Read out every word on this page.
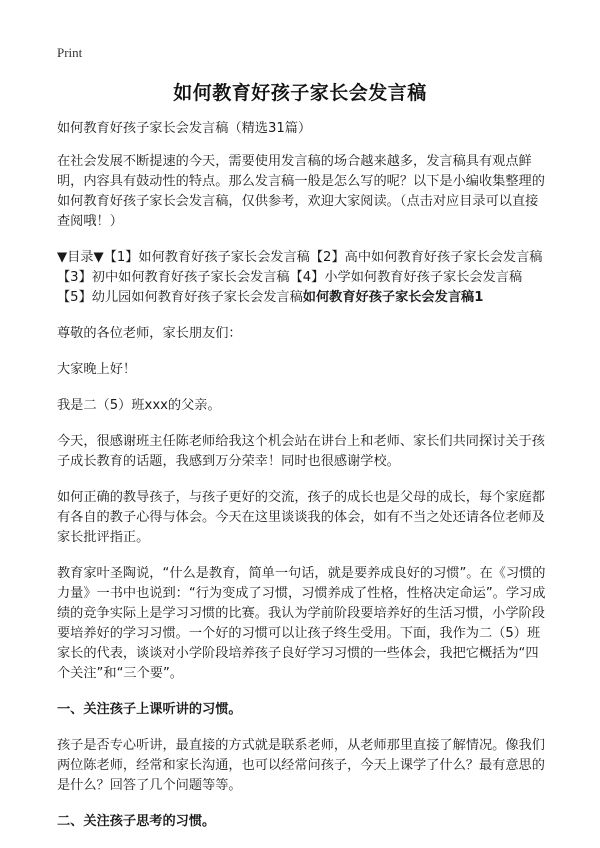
Print
如何教育好孩子家长会发言稿

如何教育好孩子家长会发言稿（精选31篇）

在社会发展不断提速的今天，需要使用发言稿的场合越来越多，发言稿具有观点鲜明，内容具有鼓动性的特点。那么发言稿一般是怎么写的呢？以下是小编收集整理的如何教育好孩子家长会发言稿，仅供参考，欢迎大家阅读。（点击对应目录可以直接查阅哦！）

▼目录▼【1】如何教育好孩子家长会发言稿【2】高中如何教育好孩子家长会发言稿【3】初中如何教育好孩子家长会发言稿【4】小学如何教育好孩子家长会发言稿【5】幼儿园如何教育好孩子家长会发言稿如何教育好孩子家长会发言稿1

尊敬的各位老师，家长朋友们：

大家晚上好！

我是二（5）班xxx的父亲。

今天，很感谢班主任陈老师给我这个机会站在讲台上和老师、家长们共同探讨关于孩子成长教育的话题，我感到万分荣幸！同时也很感谢学校。

如何正确的教导孩子，与孩子更好的交流，孩子的成长也是父母的成长，每个家庭都有各自的教子心得与体会。今天在这里谈谈我的体会，如有不当之处还请各位老师及家长批评指正。

教育家叶圣陶说，“什么是教育，简单一句话，就是要养成良好的习惯”。在《习惯的力量》一书中也说到：“行为变成了习惯，习惯养成了性格，性格决定命运”。学习成绩的竞争实际上是学习习惯的比赛。我认为学前阶段要培养好的生活习惯，小学阶段要培养好的学习习惯。一个好的习惯可以让孩子终生受用。下面，我作为二（5）班家长的代表，谈谈对小学阶段培养孩子良好学习习惯的一些体会，我把它概括为“四个关注”和“三个要”。

一、关注孩子上课听讲的习惯。

孩子是否专心听讲，最直接的方式就是联系老师，从老师那里直接了解情况。像我们两位陈老师，经常和家长沟通，也可以经常问孩子，今天上课学了什么？最有意思的是什么？回答了几个问题等等。

二、关注孩子思考的习惯。
